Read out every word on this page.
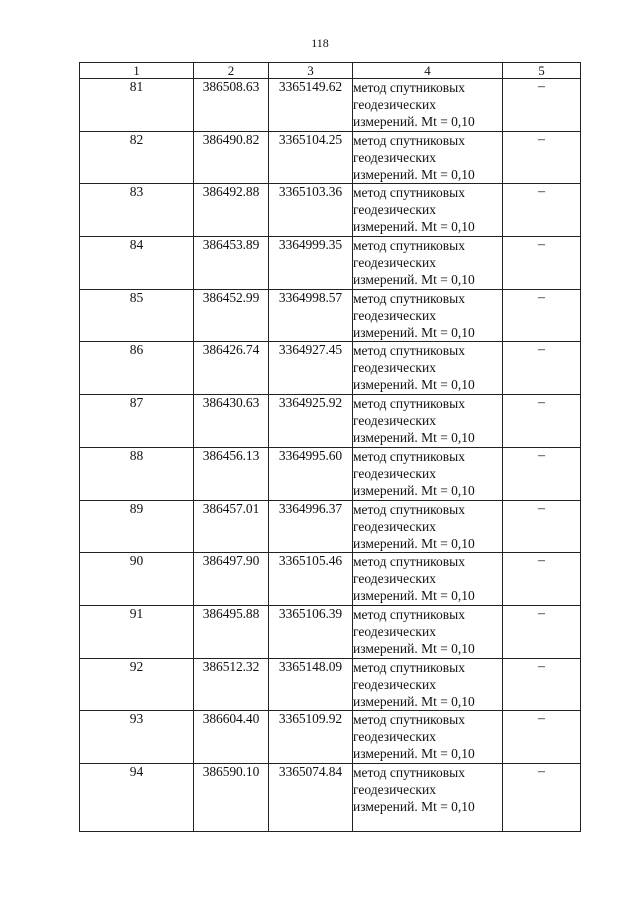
118
1	2	3	4	5
81	386508.63	3365149.62	метод спутниковых
геодезических
измерений. Mt = 0,10	–
82	386490.82	3365104.25	метод спутниковых
геодезических
измерений. Mt = 0,10	–
83	386492.88	3365103.36	метод спутниковых
геодезических
измерений. Mt = 0,10	–
84	386453.89	3364999.35	метод спутниковых
геодезических
измерений. Mt = 0,10	–
85	386452.99	3364998.57	метод спутниковых
геодезических
измерений. Mt = 0,10	–
86	386426.74	3364927.45	метод спутниковых
геодезических
измерений. Mt = 0,10	–
87	386430.63	3364925.92	метод спутниковых
геодезических
измерений. Mt = 0,10	–
88	386456.13	3364995.60	метод спутниковых
геодезических
измерений. Mt = 0,10	–
89	386457.01	3364996.37	метод спутниковых
геодезических
измерений. Mt = 0,10	–
90	386497.90	3365105.46	метод спутниковых
геодезических
измерений. Mt = 0,10	–
91	386495.88	3365106.39	метод спутниковых
геодезических
измерений. Mt = 0,10	–
92	386512.32	3365148.09	метод спутниковых
геодезических
измерений. Mt = 0,10	–
93	386604.40	3365109.92	метод спутниковых
геодезических
измерений. Mt = 0,10	–
94	386590.10	3365074.84	метод спутниковых
геодезических
измерений. Mt = 0,10	–
